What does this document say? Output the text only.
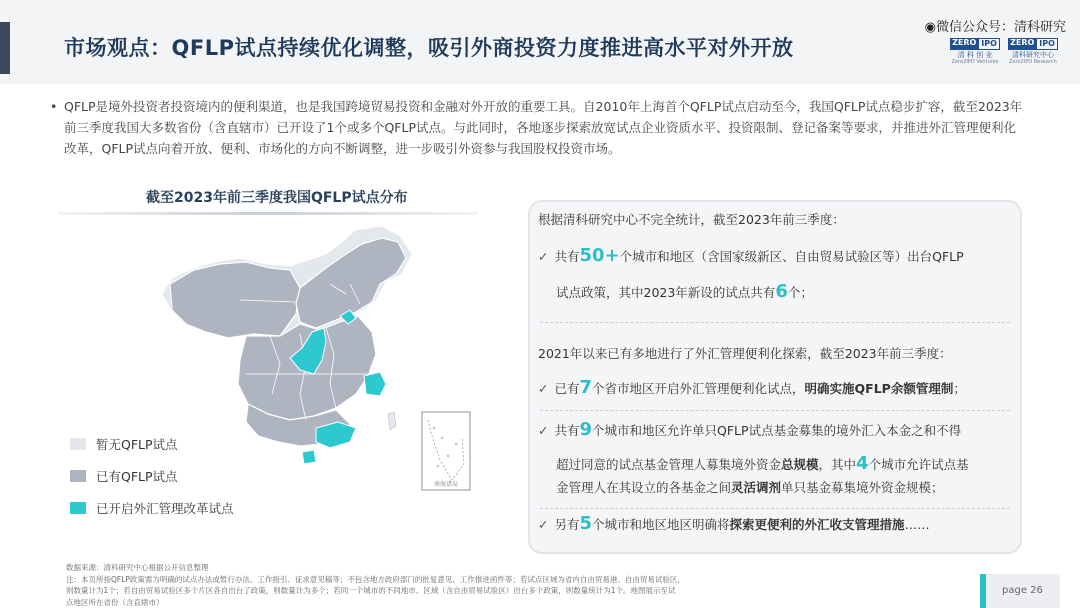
市场观点：QFLP试点持续优化调整，吸引外商投资力度推进高水平对外开放
◉微信公众号：清科研究
ZERO IPO
清 科 创 业
Zero2IPO Ventures
ZERO IPO
清科研究中心
Zero2IPO Research
• QFLP是境外投资者投资境内的便利渠道，也是我国跨境贸易投资和金融对外开放的重要工具。自2010年上海首个QFLP试点启动至今，我国QFLP试点稳步扩容，截至2023年前三季度我国大多数省份（含直辖市）已开设了1个或多个QFLP试点。与此同时，各地逐步探索放宽试点企业资质水平、投资限制、登记备案等要求，并推进外汇管理便利化改革，QFLP试点向着开放、便利、市场化的方向不断调整，进一步吸引外资参与我国股权投资市场。
截至2023年前三季度我国QFLP试点分布
南海诸岛
暂无QFLP试点
已有QFLP试点
已开启外汇管理改革试点
根据清科研究中心不完全统计，截至2023年前三季度：
✓ 共有50+个城市和地区（含国家级新区、自由贸易试验区等）出台QFLP
试点政策，其中2023年新设的试点共有6个；
2021年以来已有多地进行了外汇管理便利化探索，截至2023年前三季度：
✓ 已有7个省市地区开启外汇管理便利化试点，明确实施QFLP余额管理制；
✓ 共有9个城市和地区允许单只QFLP试点基金募集的境外汇入本金之和不得
超过同意的试点基金管理人募集境外资金总规模，其中4个城市允许试点基
金管理人在其设立的各基金之间灵活调剂单只基金募集境外资金规模；
✓ 另有5个城市和地区地区明确将探索更便利的外汇收支管理措施……
数据来源：清科研究中心根据公开信息整理
注：本页所指QFLP政策需为明确的试点办法或暂行办法、工作指引、征求意见稿等；不包含地方政府部门的批复意见、工作推进函件等；若试点区域为省内自由贸易港、自由贸易试验区，
则数量计为1个；若自由贸易试验区多个片区各自出台了政策，则数量计为多个；若同一个城市的不同地市、区域（含自由贸易试验区）出台多个政策，则数量统计为1个。地图展示至试
点地区所在省份（含直辖市）
page 26
